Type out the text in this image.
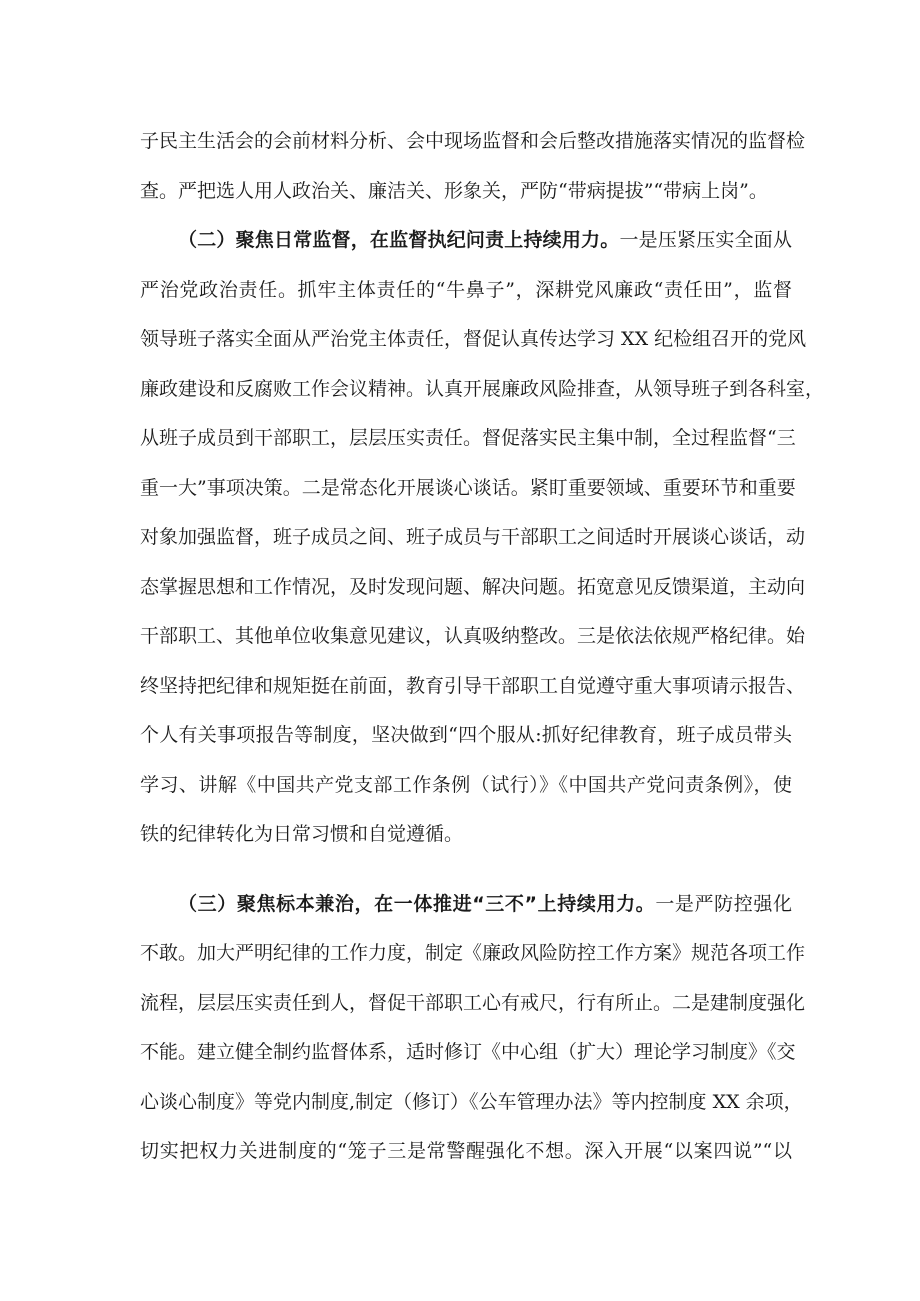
子民主生活会的会前材料分析、会中现场监督和会后整改措施落实情况的监督检
查。严把选人用人政治关、廉洁关、形象关，严防“带病提拔”“带病上岗”。
（二）聚焦日常监督，在监督执纪问责上持续用力。一是压紧压实全面从
严治党政治责任。抓牢主体责任的“牛鼻子”，深耕党风廉政“责任田”，监督
领导班子落实全面从严治党主体责任，督促认真传达学习 XX 纪检组召开的党风
廉政建设和反腐败工作会议精神。认真开展廉政风险排查，从领导班子到各科室，
从班子成员到干部职工，层层压实责任。督促落实民主集中制，全过程监督“三
重一大”事项决策。二是常态化开展谈心谈话。紧盯重要领域、重要环节和重要
对象加强监督，班子成员之间、班子成员与干部职工之间适时开展谈心谈话，动
态掌握思想和工作情况，及时发现问题、解决问题。拓宽意见反馈渠道，主动向
干部职工、其他单位收集意见建议，认真吸纳整改。三是依法依规严格纪律。始
终坚持把纪律和规矩挺在前面，教育引导干部职工自觉遵守重大事项请示报告、
个人有关事项报告等制度，坚决做到“四个服从:抓好纪律教育，班子成员带头
学习、讲解《中国共产党支部工作条例（试行）》《中国共产党问责条例》，使
铁的纪律转化为日常习惯和自觉遵循。
（三）聚焦标本兼治，在一体推进“三不”上持续用力。一是严防控强化
不敢。加大严明纪律的工作力度，制定《廉政风险防控工作方案》规范各项工作
流程，层层压实责任到人，督促干部职工心有戒尺，行有所止。二是建制度强化
不能。建立健全制约监督体系，适时修订《中心组（扩大）理论学习制度》《交
心谈心制度》等党内制度,制定（修订）《公车管理办法》等内控制度 XX 余项，
切实把权力关进制度的“笼子三是常警醒强化不想。深入开展“以案四说”“以
